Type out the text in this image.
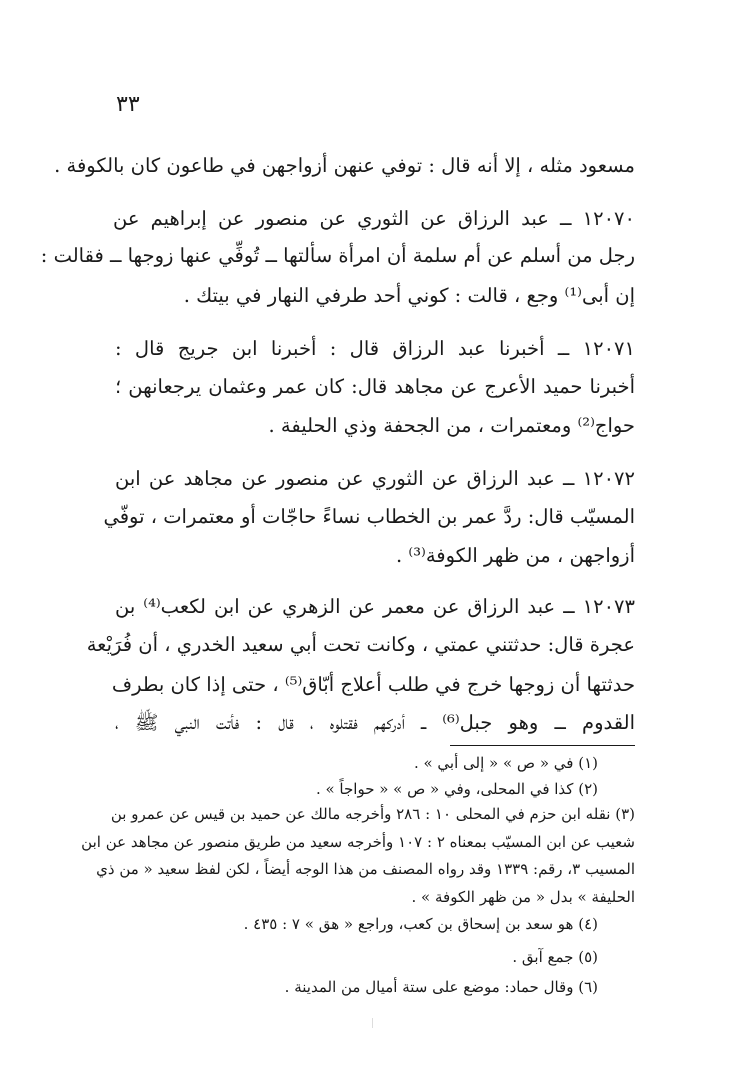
٣٣
مسعود مثله ، إلا أنه قال : توفي عنهن أزواجهن في طاعون كان بالكوفة .
١٢٠٧٠ ــ عبد الرزاق عن الثوري عن منصور عن إبراهيم عن
رجل من أسلم عن أم سلمة أن امرأة سألتها ــ تُوفِّي عنها زوجها ــ فقالت :
إن أبى⁽¹⁾ وجع ، قالت : كوني أحد طرفي النهار في بيتك .
١٢٠٧١ ــ أخبرنا عبد الرزاق قال : أخبرنا ابن جريج قال :
أخبرنا حميد الأعرج عن مجاهد قال: كان عمر وعثمان يرجعانهن ؛
حواج⁽²⁾ ومعتمرات ، من الجحفة وذي الحليفة .
١٢٠٧٢ ــ عبد الرزاق عن الثوري عن منصور عن مجاهد عن ابن
المسيّب قال: ردَّ عمر بن الخطاب نساءً حاجّات أو معتمرات ، توفّي
أزواجهن ، من ظهر الكوفة⁽³⁾ .
١٢٠٧٣ ــ عبد الرزاق عن معمر عن الزهري عن ابن لكعب⁽⁴⁾ بن
عجرة قال: حدثتني عمتي ، وكانت تحت أبي سعيد الخدري ، أن فُرَيْعة
حدثتها أن زوجها خرج في طلب أعلاج أبّاق⁽⁵⁾ ، حتى إذا كان بطرف
القدوم ــ وهو جبل⁽⁶⁾ ــ أدركهم فقتلوه ، قال : فأتت النبي ﷺ ،
(١) في « ص » « إلى أبي » .
(٢) كذا في المحلى، وفي « ص » « حواجاً » .
(٣) نقله ابن حزم في المحلى ١٠ : ٢٨٦ وأخرجه مالك عن حميد بن قيس عن عمرو بن
شعيب عن ابن المسيّب بمعناه ٢ : ١٠٧ وأخرجه سعيد من طريق منصور عن مجاهد عن ابن
المسيب ٣، رقم: ١٣٣٩ وقد رواه المصنف من هذا الوجه أيضاً ، لكن لفظ سعيد « من ذي
الحليفة » بدل « من ظهر الكوفة » .
(٤) هو سعد بن إسحاق بن كعب، وراجع « هق » ٧ : ٤٣٥ .
(٥) جمع آبق .
(٦) وقال حماد: موضع على ستة أميال من المدينة .
